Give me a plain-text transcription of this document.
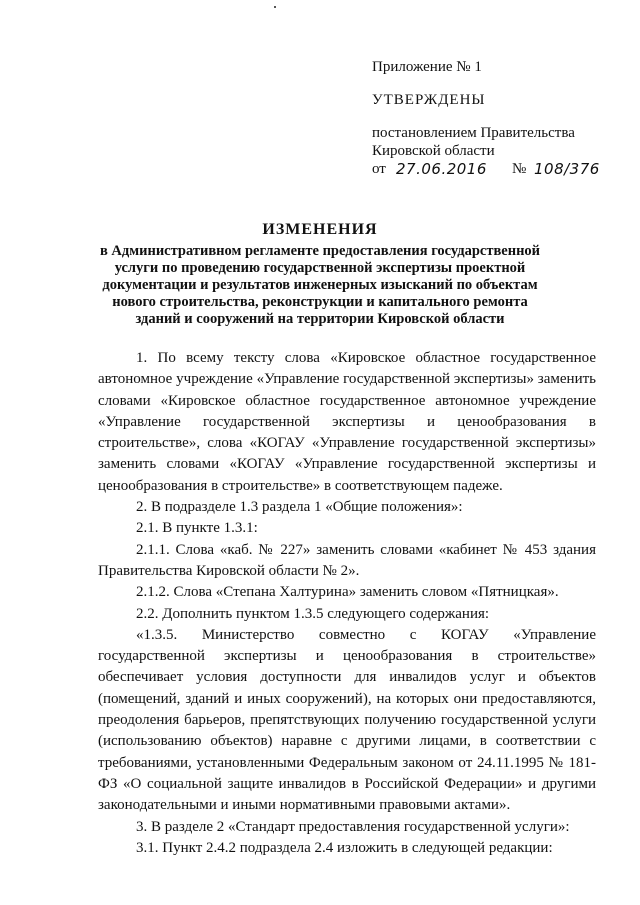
Приложение № 1
УТВЕРЖДЕНЫ
постановлением Правительства
Кировской области
от 27.06.2016 № 108/376
ИЗМЕНЕНИЯ
в Административном регламенте предоставления государственной услуги по проведению государственной экспертизы проектной документации и результатов инженерных изысканий по объектам нового строительства, реконструкции и капитального ремонта зданий и сооружений на территории Кировской области

1. По всему тексту слова «Кировское областное государственное автономное учреждение «Управление государственной экспертизы» заменить словами «Кировское областное государственное автономное учреждение «Управление государственной экспертизы и ценообразования в строительстве», слова «КОГАУ «Управление государственной экспертизы» заменить словами «КОГАУ «Управление государственной экспертизы и ценообразования в строительстве» в соответствующем падеже.

2. В подразделе 1.3 раздела 1 «Общие положения»:

2.1. В пункте 1.3.1:

2.1.1. Слова «каб. № 227» заменить словами «кабинет № 453 здания Правительства Кировской области № 2».

2.1.2. Слова «Степана Халтурина» заменить словом «Пятницкая».

2.2. Дополнить пунктом 1.3.5 следующего содержания:

«1.3.5. Министерство совместно с КОГАУ «Управление государственной экспертизы и ценообразования в строительстве» обеспечивает условия доступности для инвалидов услуг и объектов (помещений, зданий и иных сооружений), на которых они предоставляются, преодоления барьеров, препятствующих получению государственной услуги (использованию объектов) наравне с другими лицами, в соответствии с требованиями, установленными Федеральным законом от 24.11.1995 № 181-ФЗ «О социальной защите инвалидов в Российской Федерации» и другими законодательными и иными нормативными правовыми актами».

3. В разделе 2 «Стандарт предоставления государственной услуги»:

3.1. Пункт 2.4.2 подраздела 2.4 изложить в следующей редакции:
